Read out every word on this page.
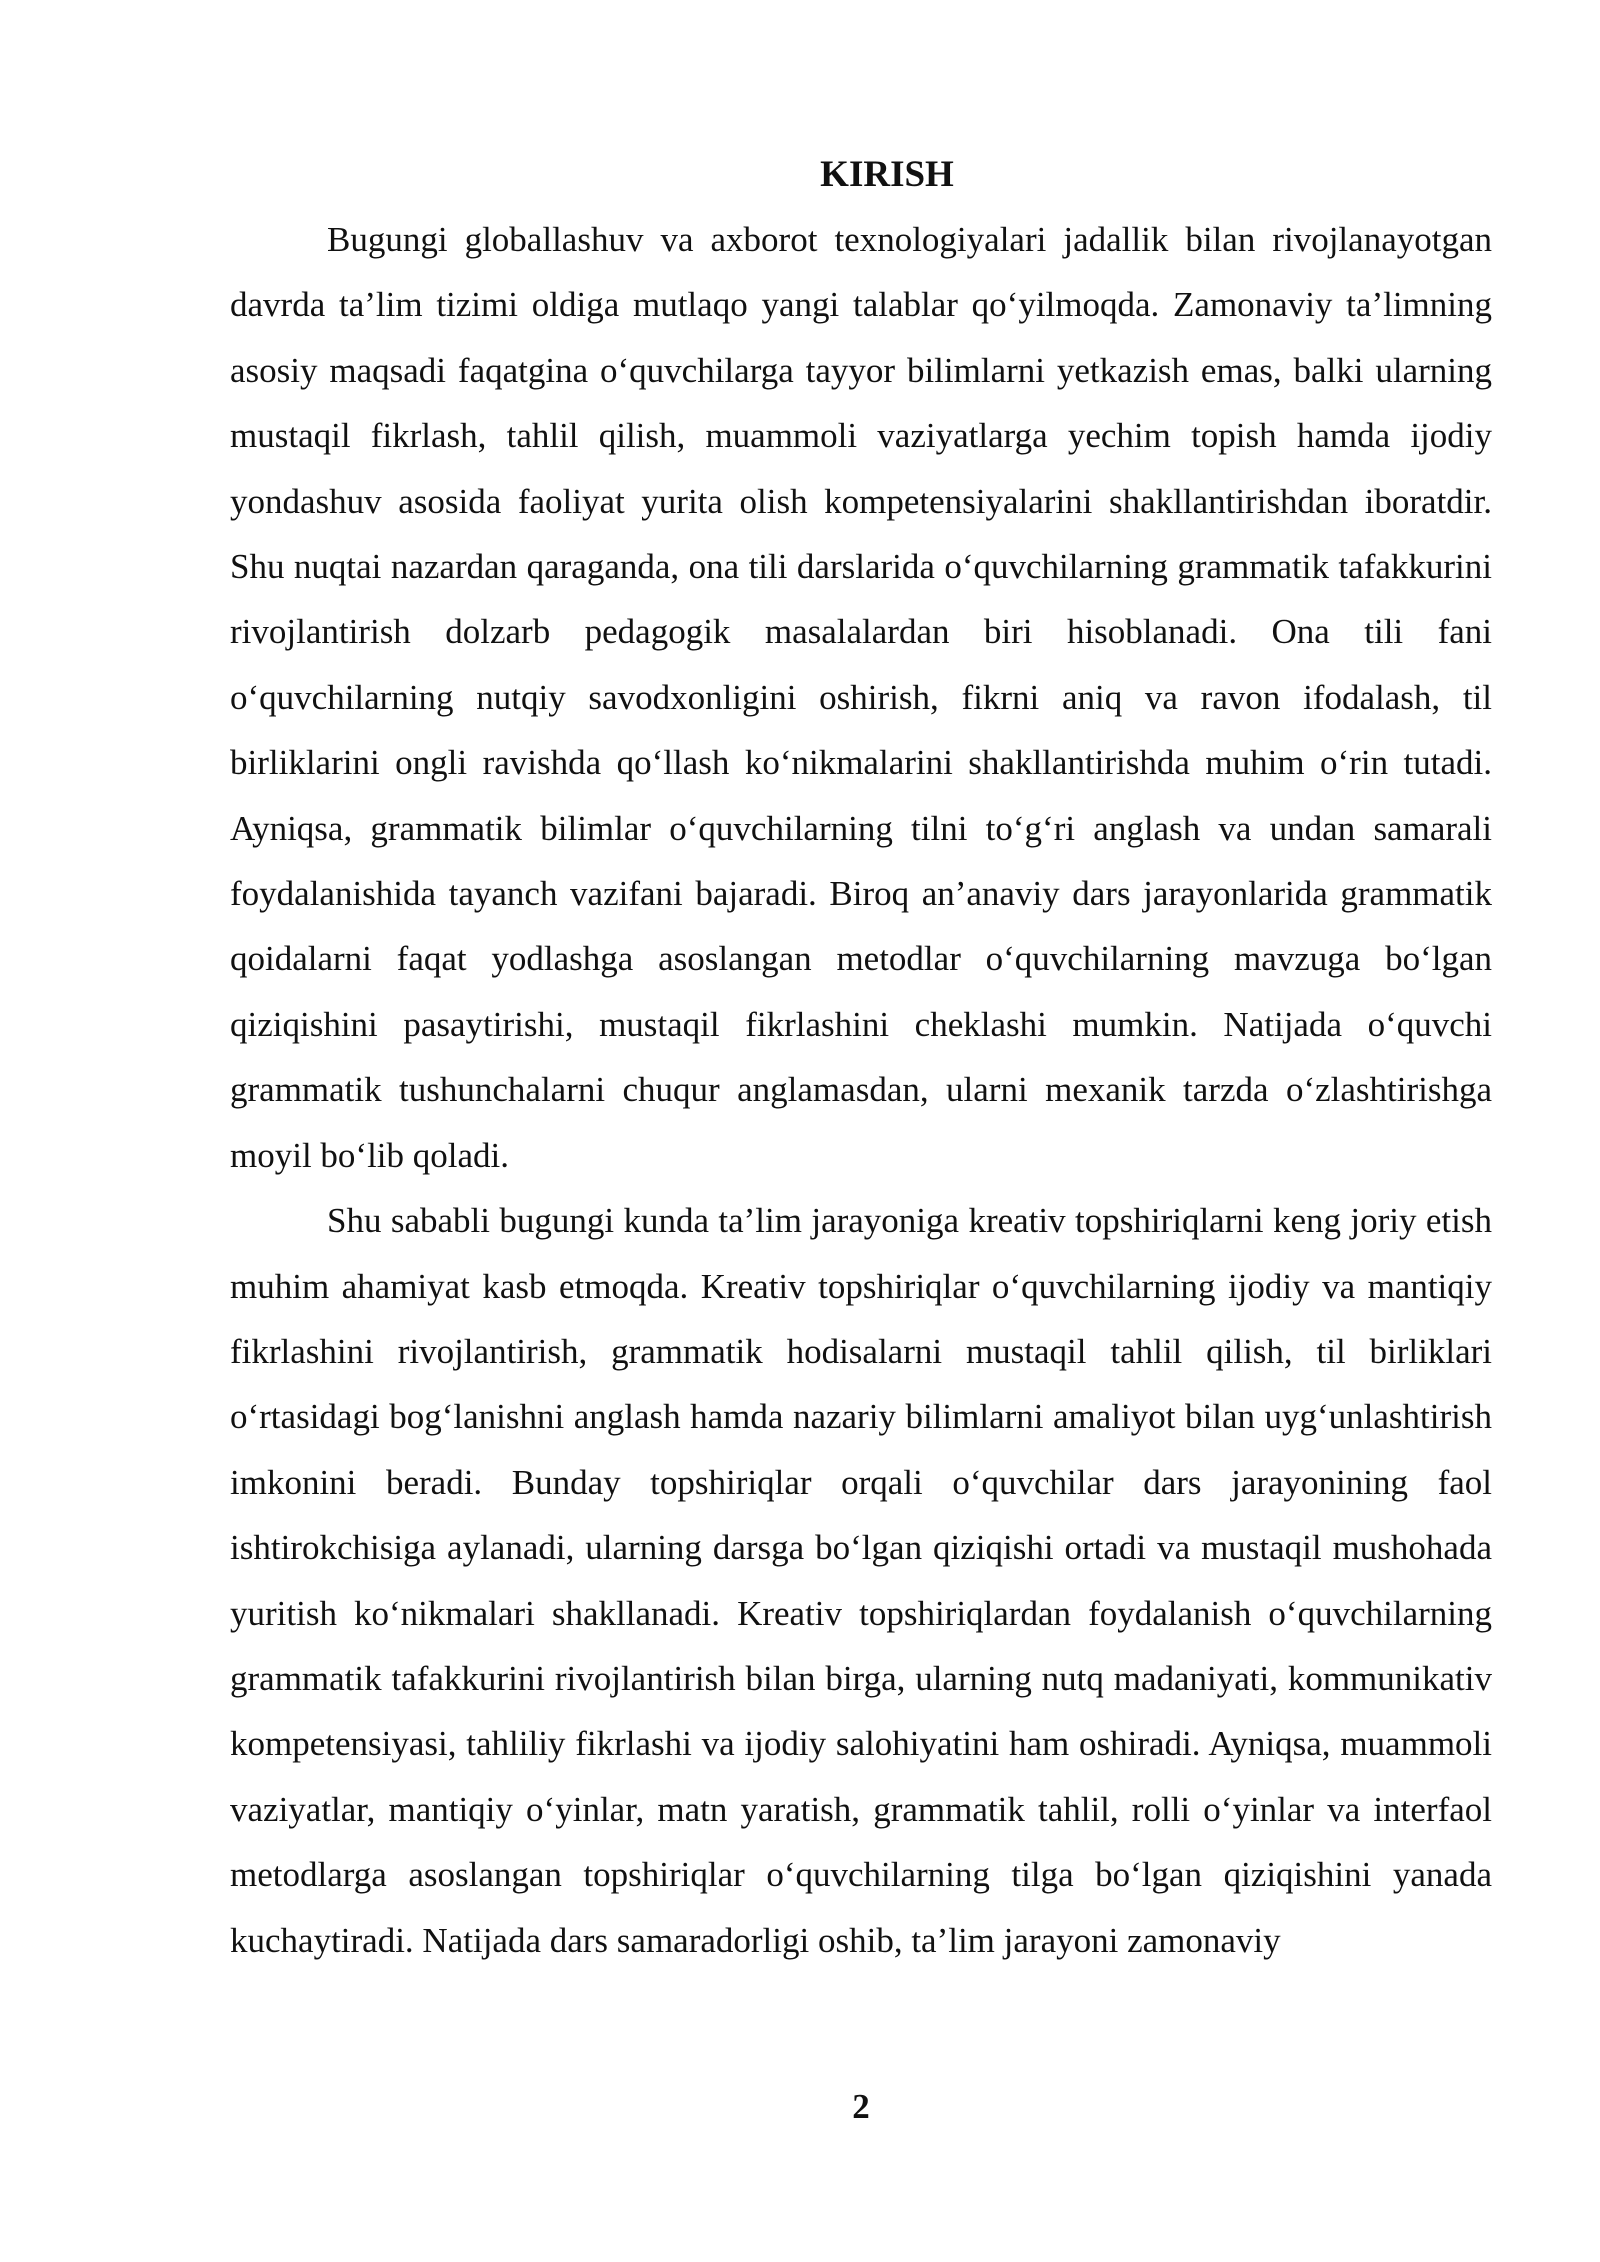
KIRISH

Bugungi globallashuv va axborot texnologiyalari jadallik bilan rivojlanayotgan davrda ta’lim tizimi oldiga mutlaqo yangi talablar qo‘yilmoqda. Zamonaviy ta’limning asosiy maqsadi faqatgina o‘quvchilarga tayyor bilimlarni yetkazish emas, balki ularning mustaqil fikrlash, tahlil qilish, muammoli vaziyatlarga yechim topish hamda ijodiy yondashuv asosida faoliyat yurita olish kompetensiyalarini shakllantirishdan iboratdir. Shu nuqtai nazardan qaraganda, ona tili darslarida o‘quvchilarning grammatik tafakkurini rivojlantirish dolzarb pedagogik masalalardan biri hisoblanadi. Ona tili fani o‘quvchilarning nutqiy savodxonligini oshirish, fikrni aniq va ravon ifodalash, til birliklarini ongli ravishda qo‘llash ko‘nikmalarini shakllantirishda muhim o‘rin tutadi. Ayniqsa, grammatik bilimlar o‘quvchilarning tilni to‘g‘ri anglash va undan samarali foydalanishida tayanch vazifani bajaradi. Biroq an’anaviy dars jarayonlarida grammatik qoidalarni faqat yodlashga asoslangan metodlar o‘quvchilarning mavzuga bo‘lgan qiziqishini pasaytirishi, mustaqil fikrlashini cheklashi mumkin. Natijada o‘quvchi grammatik tushunchalarni chuqur anglamasdan, ularni mexanik tarzda o‘zlashtirishga moyil bo‘lib qoladi.

Shu sababli bugungi kunda ta’lim jarayoniga kreativ topshiriqlarni keng joriy etish muhim ahamiyat kasb etmoqda. Kreativ topshiriqlar o‘quvchilarning ijodiy va mantiqiy fikrlashini rivojlantirish, grammatik hodisalarni mustaqil tahlil qilish, til birliklari o‘rtasidagi bog‘lanishni anglash hamda nazariy bilimlarni amaliyot bilan uyg‘unlashtirish imkonini beradi. Bunday topshiriqlar orqali o‘quvchilar dars jarayonining faol ishtirokchisiga aylanadi, ularning darsga bo‘lgan qiziqishi ortadi va mustaqil mushohada yuritish ko‘nikmalari shakllanadi. Kreativ topshiriqlardan foydalanish o‘quvchilarning grammatik tafakkurini rivojlantirish bilan birga, ularning nutq madaniyati, kommunikativ kompetensiyasi, tahliliy fikrlashi va ijodiy salohiyatini ham oshiradi. Ayniqsa, muammoli vaziyatlar, mantiqiy o‘yinlar, matn yaratish, grammatik tahlil, rolli o‘yinlar va interfaol metodlarga asoslangan topshiriqlar o‘quvchilarning tilga bo‘lgan qiziqishini yanada kuchaytiradi. Natijada dars samaradorligi oshib, ta’lim jarayoni zamonaviy

2
